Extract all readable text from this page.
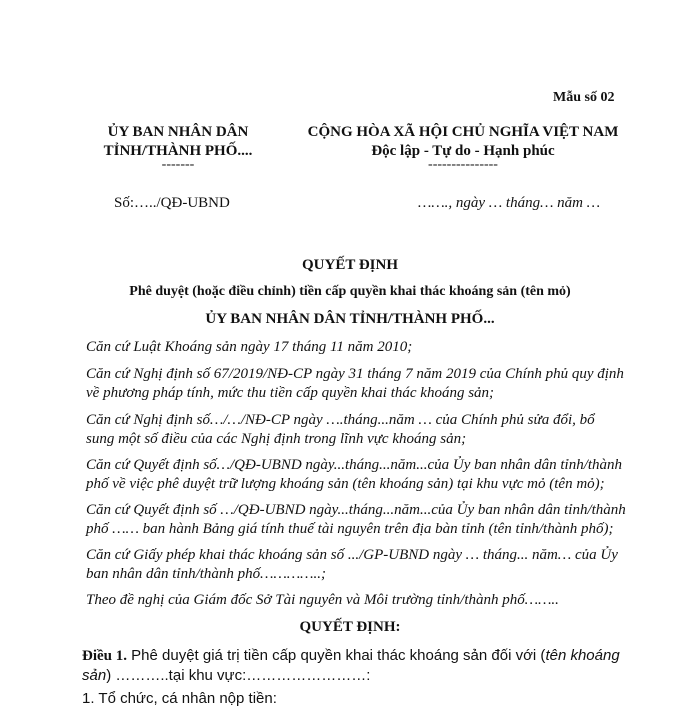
Mẫu số 02
ỦY BAN NHÂN DÂN
TỈNH/THÀNH PHỐ....
-------
CỘNG HÒA XÃ HỘI CHỦ NGHĨA VIỆT NAM
Độc lập - Tự do - Hạnh phúc
---------------
Số:…../QĐ-UBND	……., ngày … tháng… năm …
QUYẾT ĐỊNH
Phê duyệt (hoặc điều chỉnh) tiền cấp quyền khai thác khoáng sản (tên mỏ)
ỦY BAN NHÂN DÂN TỈNH/THÀNH PHỐ...
Căn cứ Luật Khoáng sản ngày 17 tháng 11 năm 2010;
Căn cứ Nghị định số 67/2019/NĐ-CP ngày 31 tháng 7 năm 2019 của Chính phủ quy định về phương pháp tính, mức thu tiền cấp quyền khai thác khoáng sản;
Căn cứ Nghị định số…/…/NĐ-CP ngày ….tháng...năm … của Chính phủ sửa đổi, bổ sung một số điều của các Nghị định trong lĩnh vực khoáng sản;
Căn cứ Quyết định số…/QĐ-UBND ngày...tháng...năm...của Ủy ban nhân dân tỉnh/thành phố về việc phê duyệt trữ lượng khoáng sản (tên khoáng sản) tại khu vực mỏ (tên mỏ);
Căn cứ Quyết định số …/QĐ-UBND ngày...tháng...năm...của Ủy ban nhân dân tỉnh/thành phố …… ban hành Bảng giá tính thuế tài nguyên trên địa bàn tỉnh (tên tỉnh/thành phố);
Căn cứ Giấy phép khai thác khoáng sản số .../GP-UBND ngày … tháng... năm… của Ủy ban nhân dân tỉnh/thành phố…………..;
Theo đề nghị của Giám đốc Sở Tài nguyên và Môi trường tỉnh/thành phố……..
QUYẾT ĐỊNH:
Điều 1. Phê duyệt giá trị tiền cấp quyền khai thác khoáng sản đối với (tên khoáng sản) ………..tại khu vực:……………………:
1. Tổ chức, cá nhân nộp tiền:
